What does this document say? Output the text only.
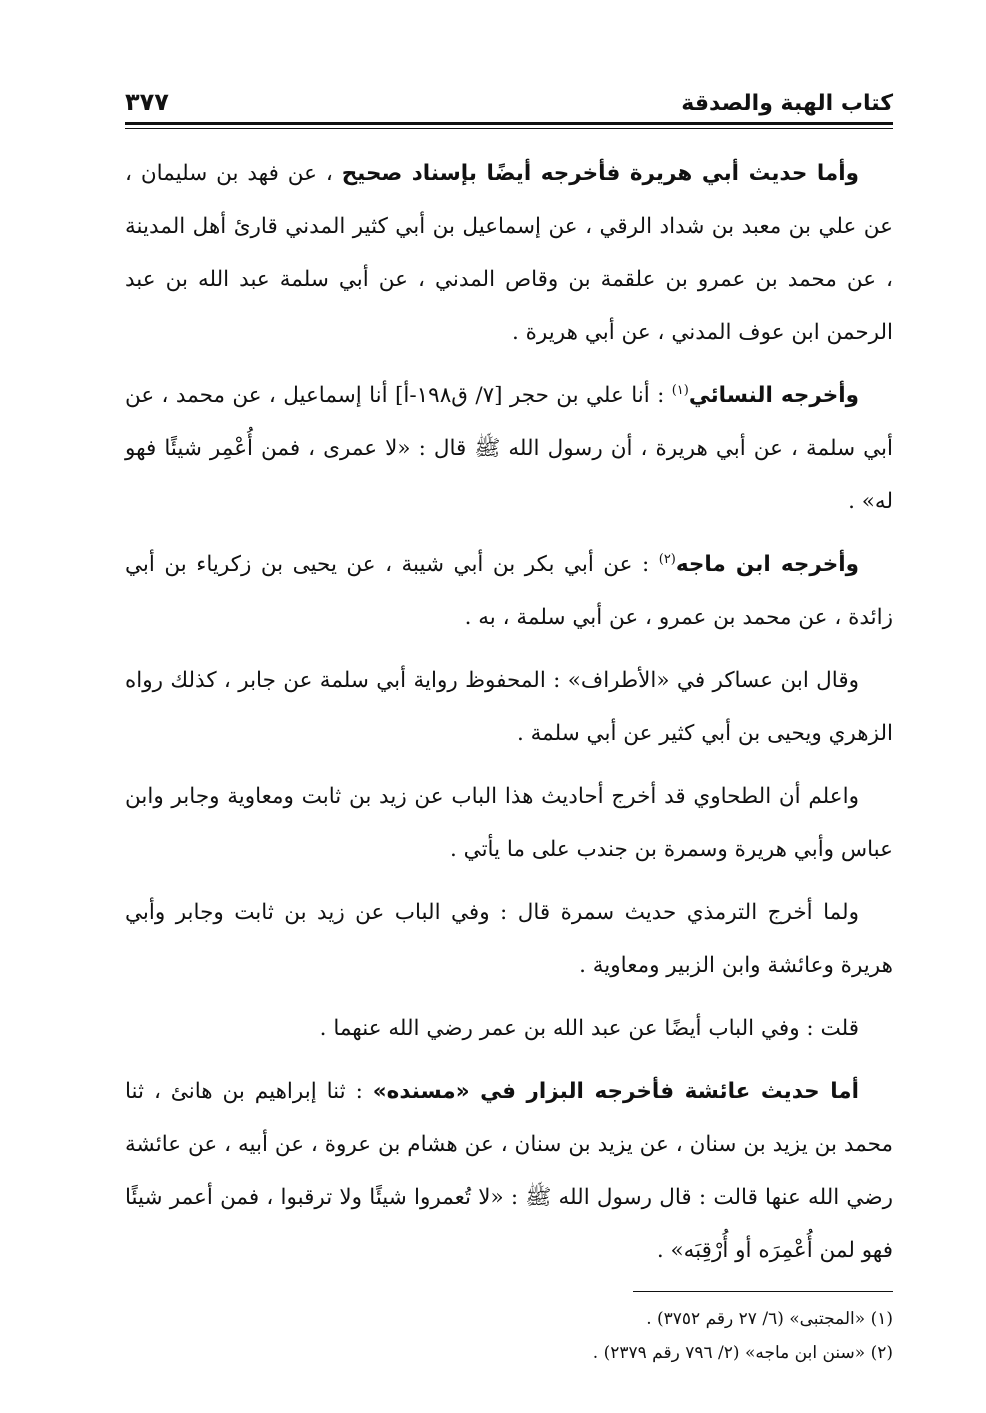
كتاب الهبة والصدقة
٣٧٧

وأما حديث أبي هريرة فأخرجه أيضًا بإسناد صحيح ، عن فهد بن سليمان ، عن علي بن معبد بن شداد الرقي ، عن إسماعيل بن أبي كثير المدني قارئ أهل المدينة ، عن محمد بن عمرو بن علقمة بن وقاص المدني ، عن أبي سلمة عبد الله بن عبد الرحمن ابن عوف المدني ، عن أبي هريرة .

وأخرجه النسائي$^{(١)}$ : أنا علي بن حجر [٧/ ق١٩٨-أ] أنا إسماعيل ، عن محمد ، عن أبي سلمة ، عن أبي هريرة ، أن رسول الله ﷺ قال : «لا عمرى ، فمن أُعْمِر شيئًا فهو له» .

وأخرجه ابن ماجه$^{(٢)}$ : عن أبي بكر بن أبي شيبة ، عن يحيى بن زكرياء بن أبي زائدة ، عن محمد بن عمرو ، عن أبي سلمة ، به .

وقال ابن عساكر في «الأطراف» : المحفوظ رواية أبي سلمة عن جابر ، كذلك رواه الزهري ويحيى بن أبي كثير عن أبي سلمة .

واعلم أن الطحاوي قد أخرج أحاديث هذا الباب عن زيد بن ثابت ومعاوية وجابر وابن عباس وأبي هريرة وسمرة بن جندب على ما يأتي .

ولما أخرج الترمذي حديث سمرة قال : وفي الباب عن زيد بن ثابت وجابر وأبي هريرة وعائشة وابن الزبير ومعاوية .

قلت : وفي الباب أيضًا عن عبد الله بن عمر رضي الله عنهما .

أما حديث عائشة فأخرجه البزار في «مسنده» : ثنا إبراهيم بن هانئ ، ثنا محمد بن يزيد بن سنان ، عن يزيد بن سنان ، عن هشام بن عروة ، عن أبيه ، عن عائشة رضي الله عنها قالت : قال رسول الله ﷺ : «لا تُعمروا شيئًا ولا ترقبوا ، فمن أعمر شيئًا فهو لمن أُعْمِرَه أو أُرْقِبَه» .

(١) «المجتبى» (٦/ ٢٧ رقم ٣٧٥٢) .
(٢) «سنن ابن ماجه» (٢/ ٧٩٦ رقم ٢٣٧٩) .
